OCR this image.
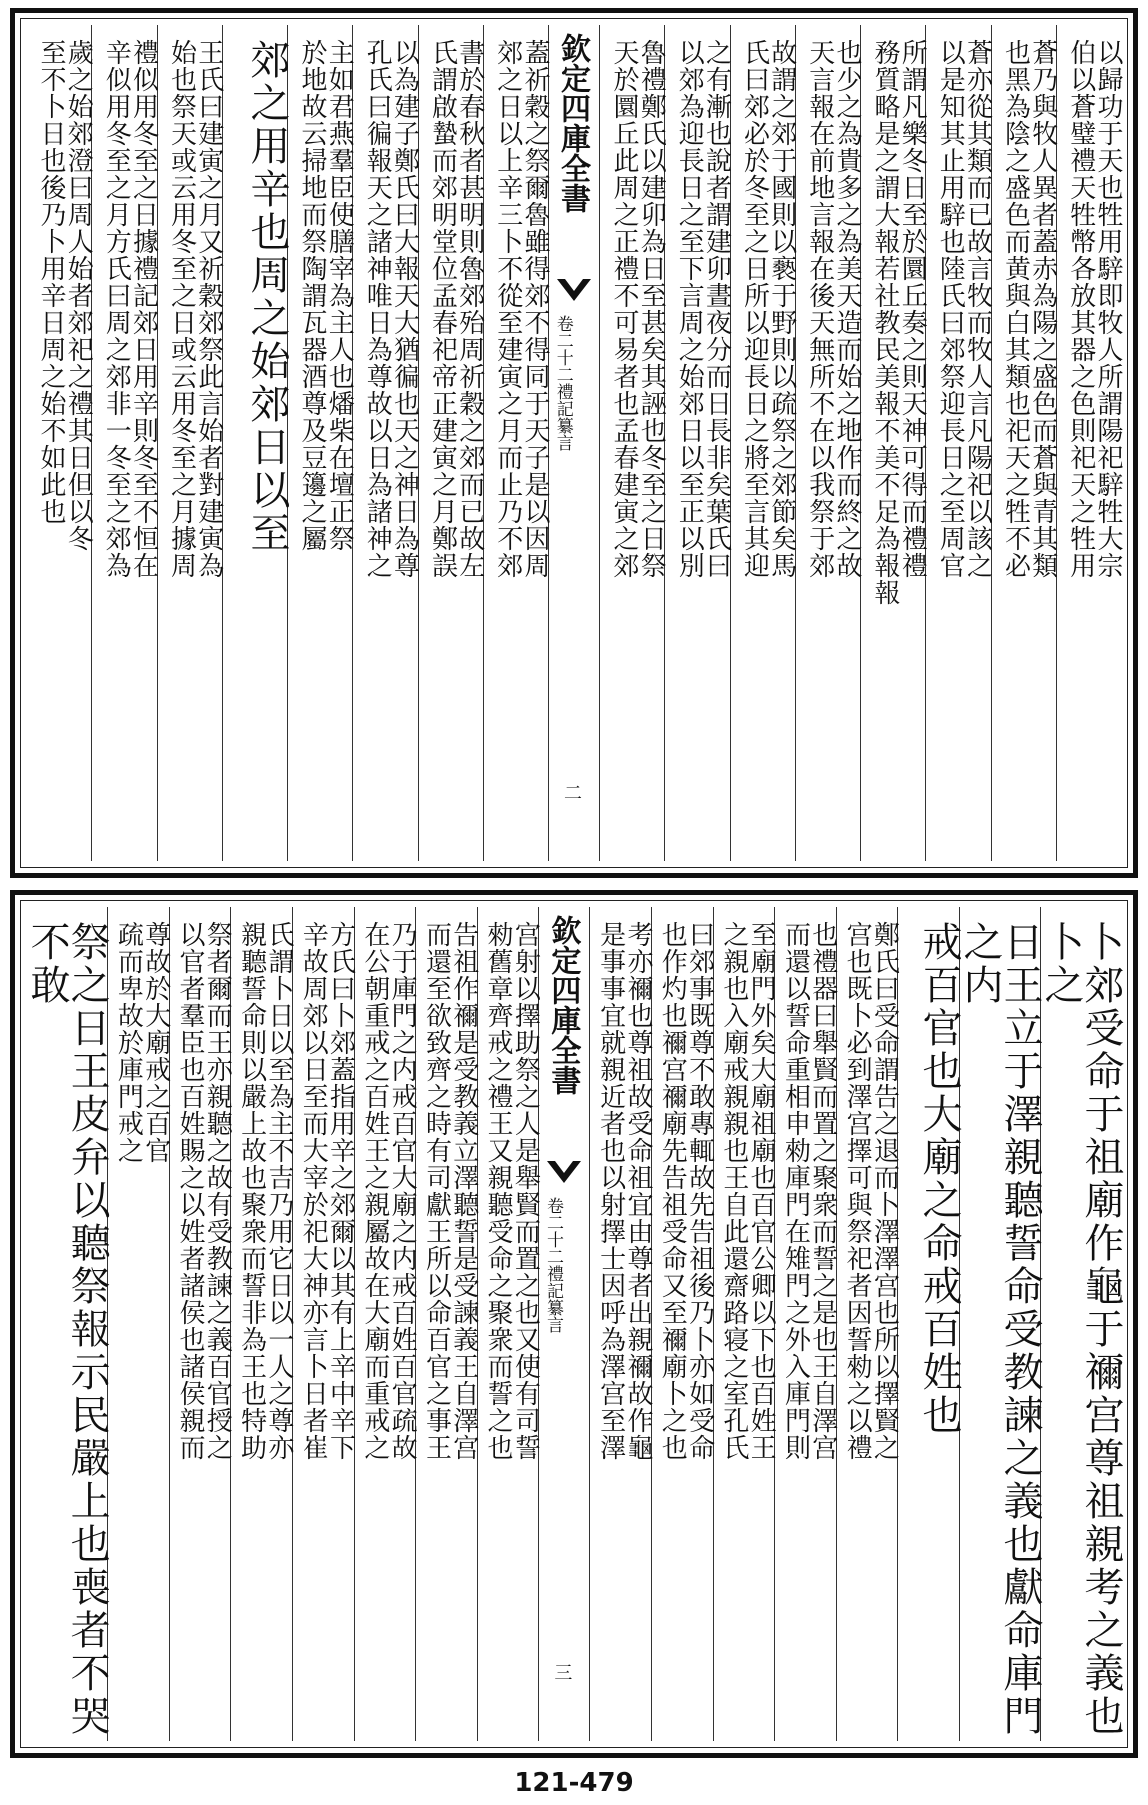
以歸功于天也牲用騂即牧人所謂陽祀騂牲大宗
伯以蒼璧禮天牲幣各放其器之色則祀天之牲用
蒼乃與牧人異者蓋赤為陽之盛色而蒼與青其類
也黑為陰之盛色而黄與白其類也祀天之牲不必
蒼亦從其類而已故言牧而牧人言凡陽祀以該之
以是知其止用騂也陸氏曰郊祭迎長日之至周官
所謂凡樂冬日至於圜丘奏之則天神可得而禮禮
務質略是之謂大報若社教民美報不美不足為報報
也少之為貴多之為美天造而始之地作而終之故
天言報在前地言報在後天無所不在以我祭于郊
故謂之郊于國則以褻于野則以疏祭之郊節矣馬
氏曰郊必於冬至之日所以迎長日之將至言其迎
之有漸也說者謂建卯晝夜分而日長非矣葉氏曰
以郊為迎長日之至下言周之始郊日以至正以別
魯禮鄭氏以建卯為日至甚矣其誣也冬至之日祭
天於圜丘此周之正禮不可易者也孟春建寅之郊
欽定四庫全書
禮記纂言
卷二十二
二
蓋祈穀之祭爾魯雖得郊不得同于天子是以因周
郊之日以上辛三卜不從至建寅之月而止乃不郊
書於春秋者甚明則魯郊殆周祈穀之郊而已故左
氏謂啟蟄而郊明堂位孟春祀帝正建寅之月鄭誤
以為建子鄭氏曰大報天大猶徧也天之神日為尊
孔氏曰徧報天之諸神唯日為尊故以日為諸神之
主如君燕羣臣使膳宰為主人也燔柴在壇正祭
於地故云掃地而祭陶謂瓦器酒尊及豆籩之屬
郊之用辛也周之始郊日以至
王氏曰建寅之月又祈穀郊祭此言始者對建寅為
始也祭天或云用冬至之日或云用冬至之月據周
禮似用冬至之日據禮記郊日用辛則冬至不恒在
辛似用冬至之月方氏曰周之郊非一冬至之郊為
歲之始郊澄曰周人始者郊祀之禮其日但以冬
至不卜日也後乃卜用辛日周之始不如此也
卜郊受命于祖廟作龜于禰宫尊祖親考之義也卜之
日王立于澤親聽誓命受教諫之義也獻命庫門之内
戒百官也大廟之命戒百姓也
鄭氏曰受命謂告之退而卜澤澤宫也所以擇賢之
宫也既卜必到澤宫擇可與祭祀者因誓勑之以禮
也禮器曰舉賢而置之聚衆而誓之是也王自澤宫
而還以誓命重相申勑庫門在雉門之外入庫門則
至廟門外矣大廟祖廟也百官公卿以下也百姓王
之親也入廟戒親親也王自此還齋路寝之室孔氏
曰郊事既尊不敢專輒故先告祖後乃卜亦如受命
也作灼也禰宫禰廟先告祖受命又至禰廟卜之也
考亦禰也尊祖故受命祖宜由尊者出親禰故作龜
是事事宜就親近者也以射擇士因呼為澤宫至澤
欽定四庫全書
禮記纂言
卷二十二
三
宫射以擇助祭之人是舉賢而置之也又使有司誓
勑舊章齊戒之禮王又親聽受命之聚衆而誓之也
告祖作禰是受教義立澤聽誓是受諫義王自澤宫
而還至欲致齊之時有司獻王所以命百官之事王
乃于庫門之内戒百官大廟之内戒百姓百官疏故
在公朝重戒之百姓王之親屬故在大廟而重戒之
方氏曰卜郊蓋指用辛之郊爾以其有上辛中辛下
辛故周郊以日至而大宰於祀大神亦言卜日者崔
氏謂卜日以至為主不吉乃用它日以一人之尊亦
親聽誓命則以嚴上故也聚衆而誓非為王也特助
祭者爾而王亦親聽之故有受教諫之義百官授之
以官者羣臣也百姓賜之以姓者諸侯也諸侯親而
尊故於大廟戒之百官
疏而卑故於庫門戒之
祭之日王皮弁以聽祭報示民嚴上也喪者不哭不敢
121-479
